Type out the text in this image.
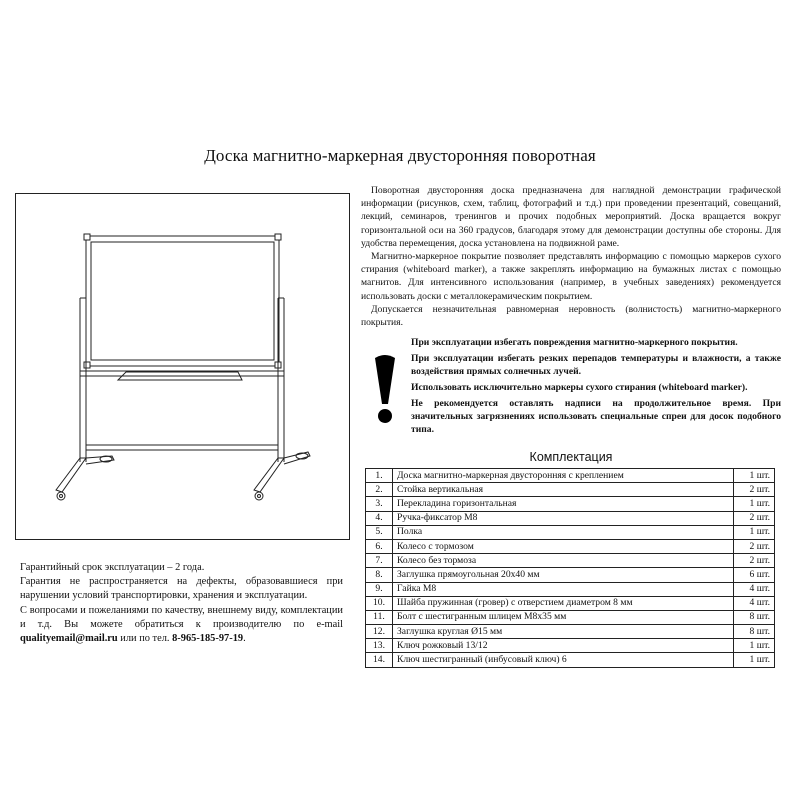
Доска магнитно-маркерная двусторонняя поворотная

Поворотная двусторонняя доска предназначена для наглядной демонстрации графической информации (рисунков, схем, таблиц, фотографий и т.д.) при проведении презентаций, совещаний, лекций, семинаров, тренингов и прочих подобных мероприятий. Доска вращается вокруг горизонтальной оси на 360 градусов, благодаря этому для демонстрации доступны обе стороны. Для удобства перемещения, доска установлена на подвижной раме.

Магнитно-маркерное покрытие позволяет представлять информацию с помощью маркеров сухого стирания (whiteboard marker), а также закреплять информацию на бумажных листах с помощью магнитов. Для интенсивного использования (например, в учебных заведениях) рекомендуется использовать доски с металлокерамическим покрытием.

Допускается незначительная равномерная неровность (волнистость) магнитно-маркерного покрытия.

При эксплуатации избегать повреждения магнитно-маркерного покрытия.

При эксплуатации избегать резких перепадов температуры и влажности, а также воздействия прямых солнечных лучей.

Использовать исключительно маркеры сухого стирания (whiteboard marker).

Не рекомендуется оставлять надписи на продолжительное время. При значительных загрязнениях использовать специальные спреи для досок подобного типа.

Комплектация
1.	Доска магнитно-маркерная двусторонняя с креплением	1 шт.
2.	Стойка вертикальная	2 шт.
3.	Перекладина горизонтальная	1 шт.
4.	Ручка-фиксатор М8	2 шт.
5.	Полка	1 шт.
6.	Колесо с тормозом	2 шт.
7.	Колесо без тормоза	2 шт.
8.	Заглушка прямоугольная 20х40 мм	6 шт.
9.	Гайка М8	4 шт.
10.	Шайба пружинная (гровер) с отверстием диаметром 8 мм	4 шт.
11.	Болт с шестигранным шлицем М8х35 мм	8 шт.
12.	Заглушка круглая Ø15 мм	8 шт.
13.	Ключ рожковый 13/12	1 шт.
14.	Ключ шестигранный (инбусовый ключ) 6	1 шт.

Гарантийный срок эксплуатации – 2 года.

Гарантия не распространяется на дефекты, образовавшиеся при нарушении условий транспортировки, хранения и эксплуатации.

С вопросами и пожеланиями по качеству, внешнему виду, комплектации и т.д. Вы можете обратиться к производителю по e-mail qualityemail@mail.ru или по тел. 8-965-185-97-19.
